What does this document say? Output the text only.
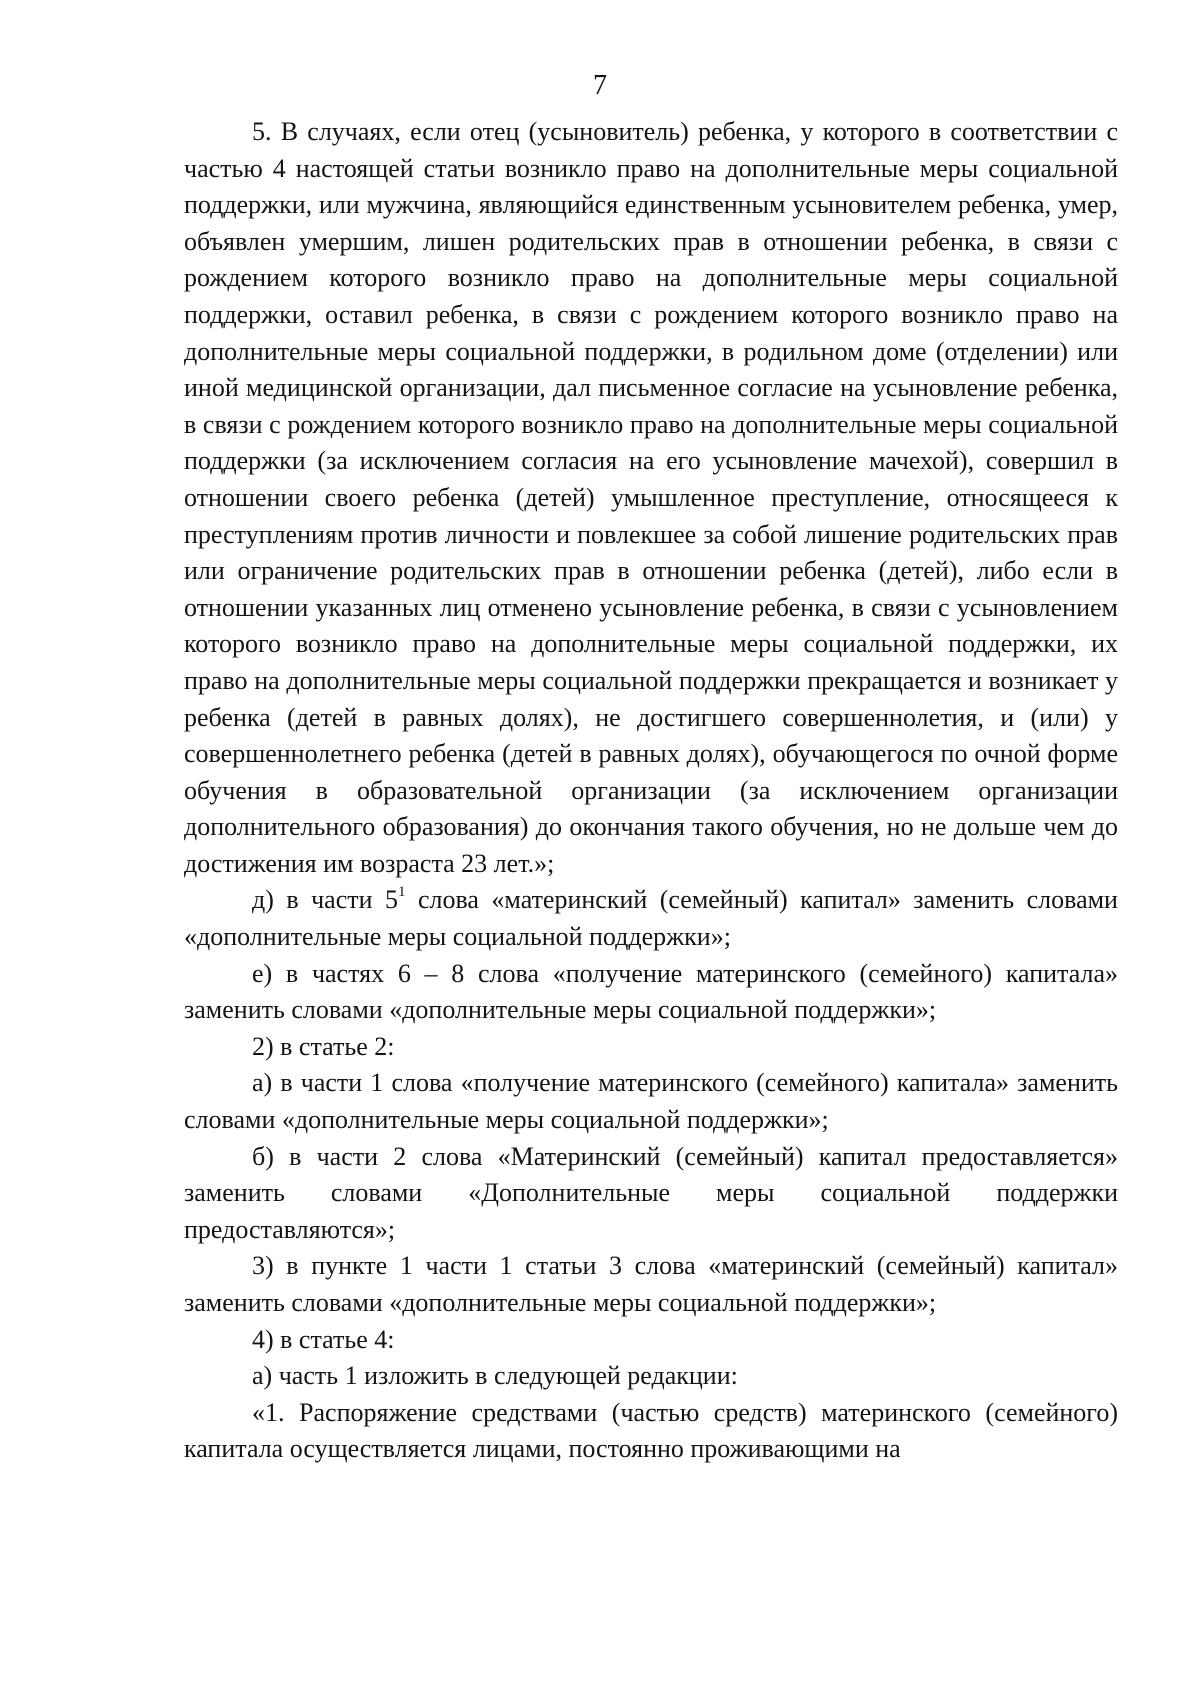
7

5. В случаях, если отец (усыновитель) ребенка, у которого в соответствии с частью 4 настоящей статьи возникло право на дополнительные меры социальной поддержки, или мужчина, являющийся единственным усыновителем ребенка, умер, объявлен умершим, лишен родительских прав в отношении ребенка, в связи с рождением которого возникло право на дополнительные меры социальной поддержки, оставил ребенка, в связи с рождением которого возникло право на дополнительные меры социальной поддержки, в родильном доме (отделении) или иной медицинской организации, дал письменное согласие на усыновление ребенка, в связи с рождением которого возникло право на дополнительные меры социальной поддержки (за исключением согласия на его усыновление мачехой), совершил в отношении своего ребенка (детей) умышленное преступление, относящееся к преступлениям против личности и повлекшее за собой лишение родительских прав или ограничение родительских прав в отношении ребенка (детей), либо если в отношении указанных лиц отменено усыновление ребенка, в связи с усыновлением которого возникло право на дополнительные меры социальной поддержки, их право на дополнительные меры социальной поддержки прекращается и возникает у ребенка (детей в равных долях), не достигшего совершеннолетия, и (или) у совершеннолетнего ребенка (детей в равных долях), обучающегося по очной форме обучения в образовательной организации (за исключением организации дополнительного образования) до окончания такого обучения, но не дольше чем до достижения им возраста 23 лет.»;

д) в части $5^1$ слова «материнский (семейный) капитал» заменить словами «дополнительные меры социальной поддержки»;

е) в частях 6 – 8 слова «получение материнского (семейного) капитала» заменить словами «дополнительные меры социальной поддержки»;

2) в статье 2:

а) в части 1 слова «получение материнского (семейного) капитала» заменить словами «дополнительные меры социальной поддержки»;

б) в части 2 слова «Материнский (семейный) капитал предоставляется» заменить словами «Дополнительные меры социальной поддержки предоставляются»;

3) в пункте 1 части 1 статьи 3 слова «материнский (семейный) капитал» заменить словами «дополнительные меры социальной поддержки»;

4) в статье 4:

а) часть 1 изложить в следующей редакции:

«1. Распоряжение средствами (частью средств) материнского (семейного) капитала осуществляется лицами, постоянно проживающими на
